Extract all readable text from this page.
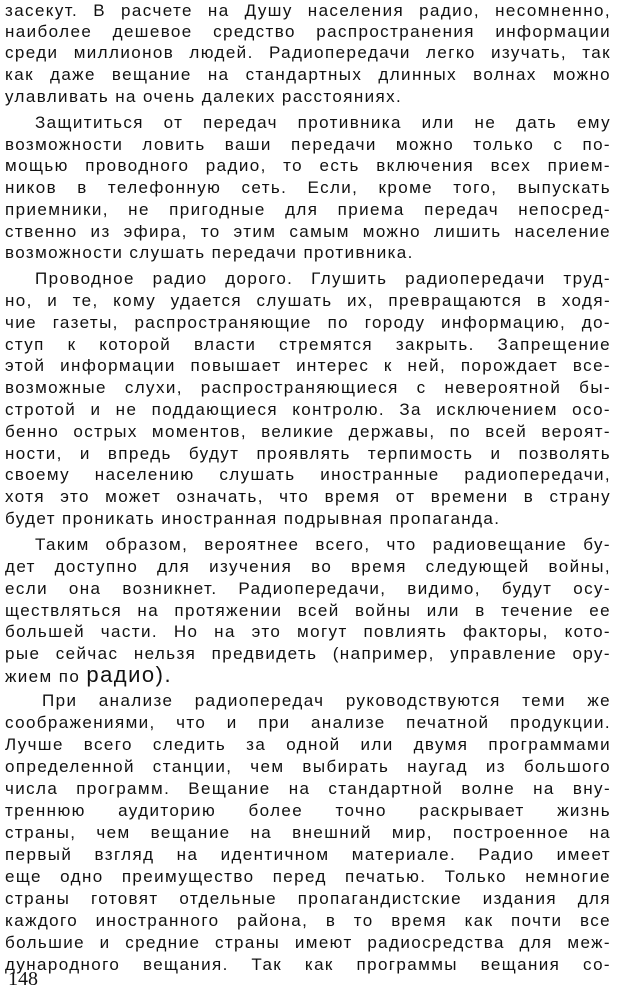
засекут. В расчете на Душу населения радио, несомненно,
наиболее дешевое средство распространения информации
среди миллионов людей. Радиопередачи легко изучать, так
как даже вещание на стандартных длинных волнах можно
улавливать на очень далеких расстояниях.
Защититься от передач противника или не дать ему
возможности ловить ваши передачи можно только с по-
мощью проводного радио, то есть включения всех прием-
ников в телефонную сеть. Если, кроме того, выпускать
приемники, не пригодные для приема передач непосред-
ственно из эфира, то этим самым можно лишить население
возможности слушать передачи противника.
Проводное радио дорого. Глушить радиопередачи труд-
но, и те, кому удается слушать их, превращаются в ходя-
чие газеты, распространяющие по городу информацию, до-
ступ к которой власти стремятся закрыть. Запрещение
этой информации повышает интерес к ней, порождает все-
возможные слухи, распространяющиеся с невероятной бы-
стротой и не поддающиеся контролю. За исключением осо-
бенно острых моментов, великие державы, по всей вероят-
ности, и впредь будут проявлять терпимость и позволять
своему населению слушать иностранные радиопередачи,
хотя это может означать, что время от времени в страну
будет проникать иностранная подрывная пропаганда.
Таким образом, вероятнее всего, что радиовещание бу-
дет доступно для изучения во время следующей войны,
если она возникнет. Радиопередачи, видимо, будут осу-
ществляться на протяжении всей войны или в течение ее
большей части. Но на это могут повлиять факторы, кото-
рые сейчас нельзя предвидеть (например, управление ору-
жием по радио).
При анализе радиопередач руководствуются теми же
соображениями, что и при анализе печатной продукции.
Лучше всего следить за одной или двумя программами
определенной станции, чем выбирать наугад из большого
числа программ. Вещание на стандартной волне на вну-
треннюю аудиторию более точно раскрывает жизнь
страны, чем вещание на внешний мир, построенное на
первый взгляд на идентичном материале. Радио имеет
еще одно преимущество перед печатью. Только немногие
страны готовят отдельные пропагандистские издания для
каждого иностранного района, в то время как почти все
большие и средние страны имеют радиосредства для меж-
дународного вещания. Так как программы вещания со-
148
